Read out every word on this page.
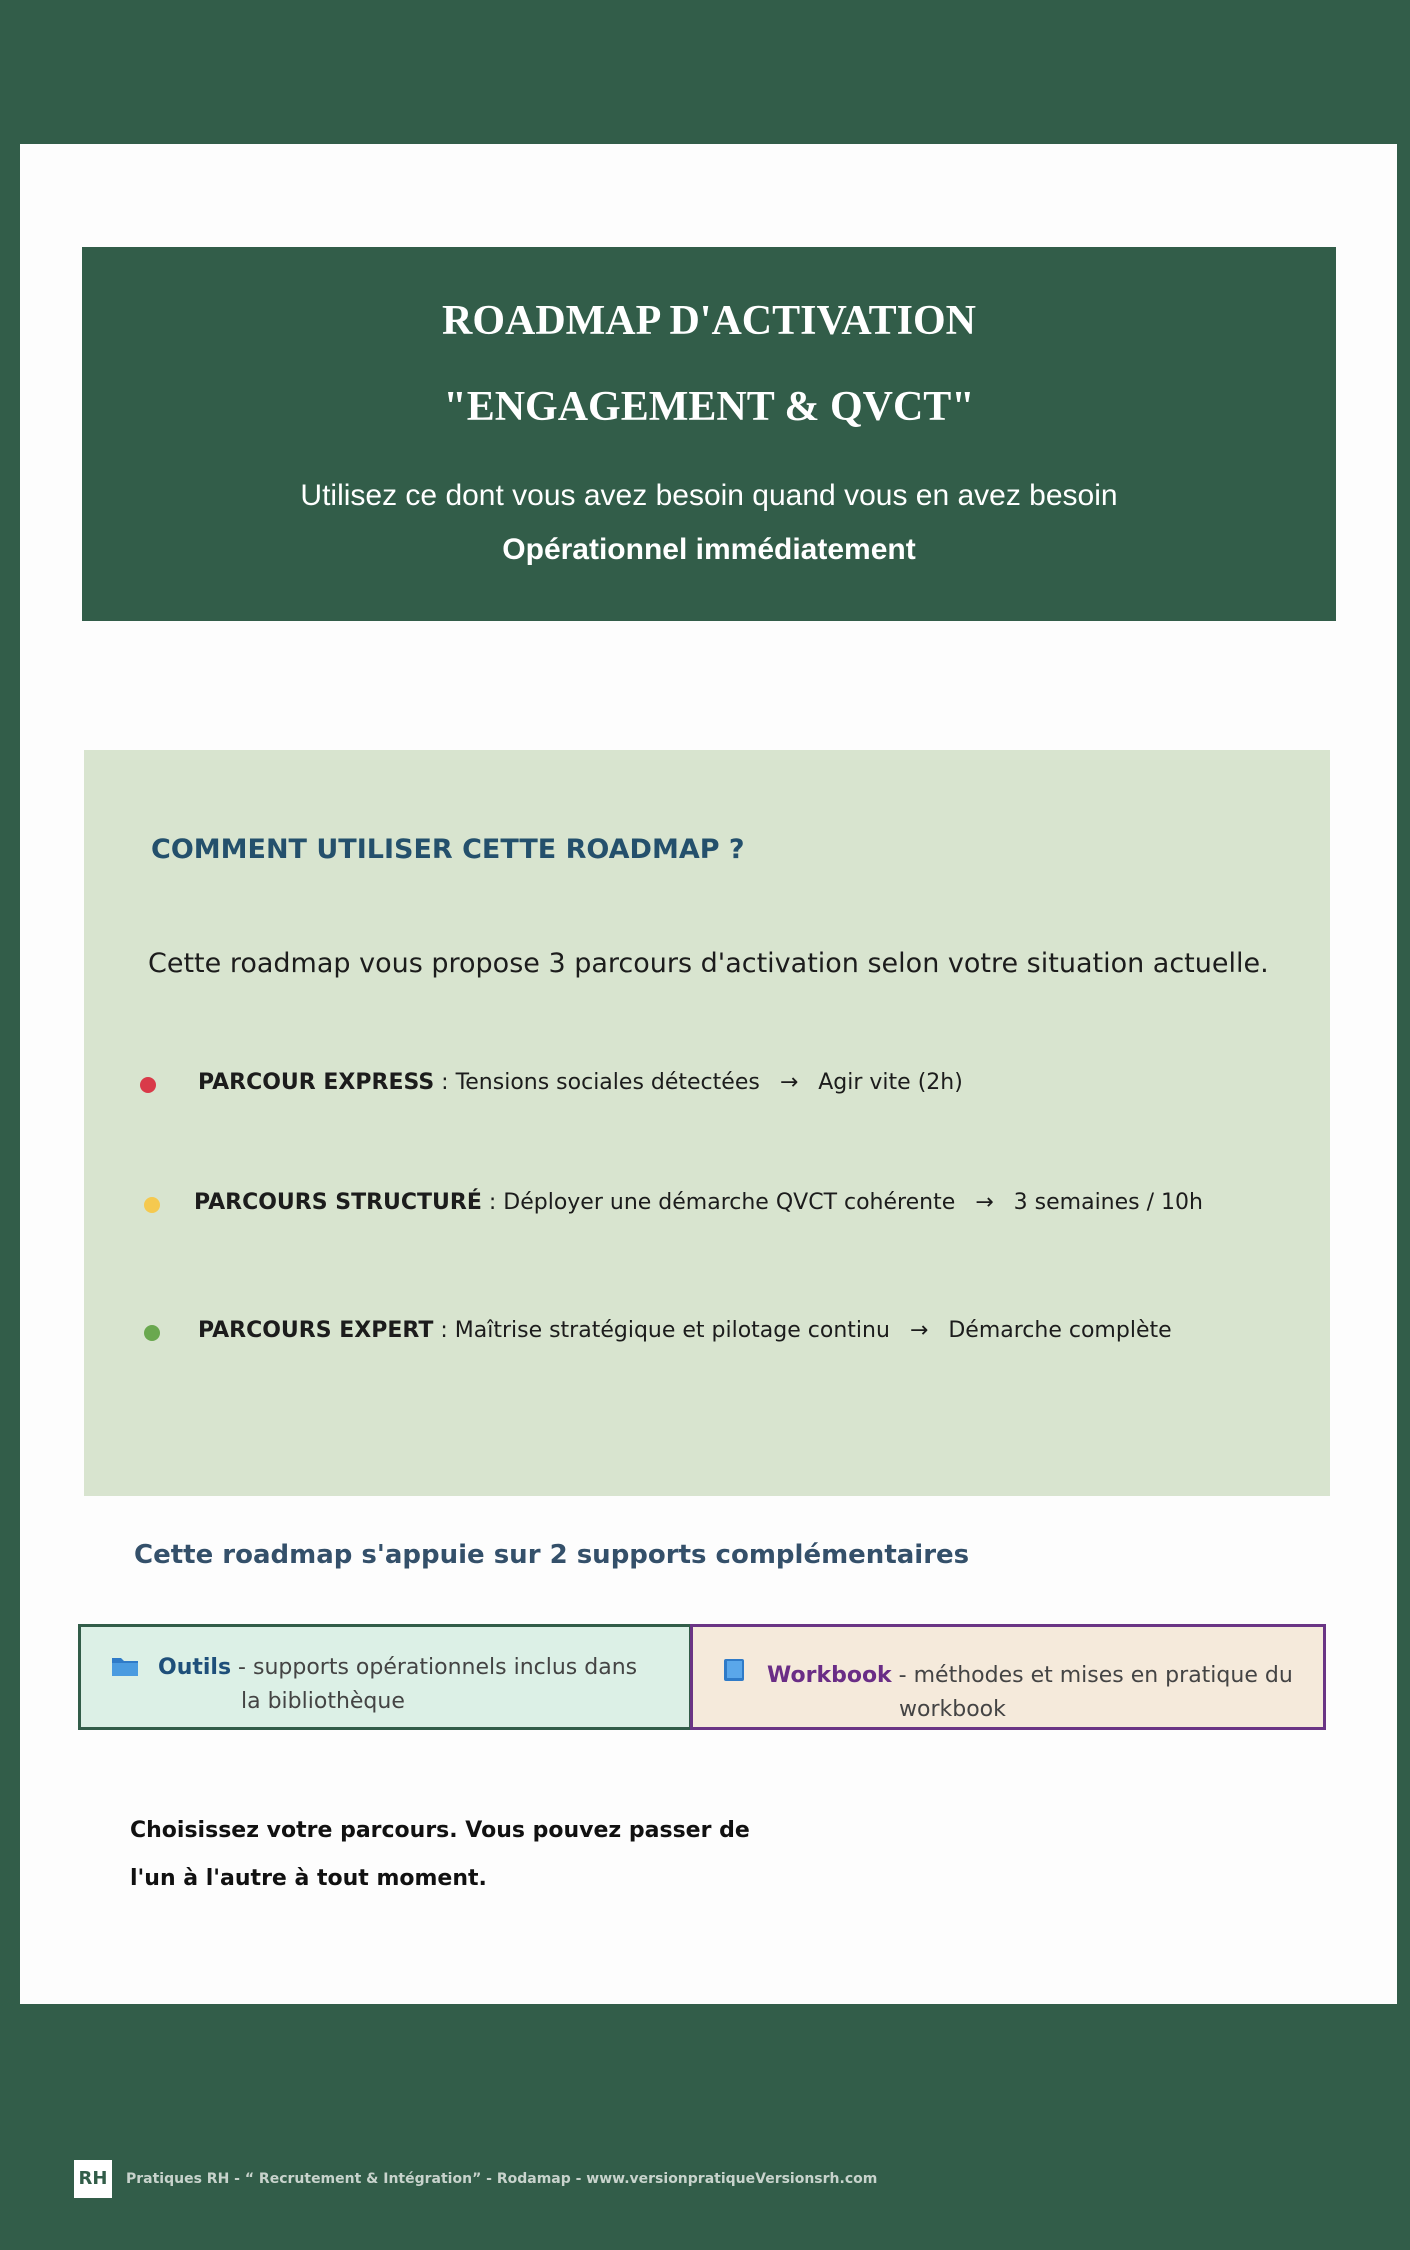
ROADMAP D'ACTIVATION
"ENGAGEMENT & QVCT"
Utilisez ce dont vous avez besoin quand vous en avez besoin
Opérationnel immédiatement
COMMENT UTILISER CETTE ROADMAP ?
Cette roadmap vous propose 3 parcours d'activation selon votre situation actuelle.
PARCOUR EXPRESS : Tensions sociales détectées → Agir vite (2h)
PARCOURS STRUCTURÉ : Déployer une démarche QVCT cohérente → 3 semaines / 10h
PARCOURS EXPERT : Maîtrise stratégique et pilotage continu → Démarche complète
Cette roadmap s'appuie sur 2 supports complémentaires
Outils - supports opérationnels inclus dans
la bibliothèque
Workbook - méthodes et mises en pratique du
workbook
Choisissez votre parcours. Vous pouvez passer de
l'un à l'autre à tout moment.
RH	Pratiques RH - “ Recrutement & Intégration” - Rodamap - www.versionpratiqueVersionsrh.com
